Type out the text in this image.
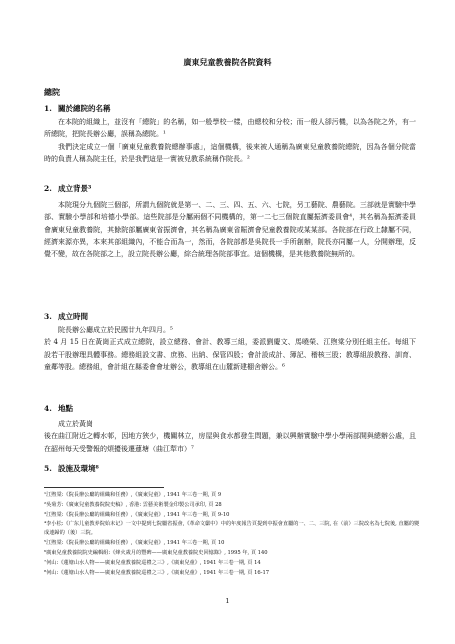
廣東兒童教養院各院資料
總院
1. 關於總院的名稱

在本院的組織上，並沒有「總院」的名稱，如一般學校一樣，由總校和分校；而一般人卻污機，以為各院之外，有一所總院，把院長辦公廳，誤稱為總院。¹

我們決定成立一個「廣東兒童教養院總辦事處」，這個機構，後來被人通稱為廣東兒童教養院總院，因為各個分院當時的負責人稱為院主任，於是我們這是一實被兒教系統稱作院長。²

2. 成立背景³

本院現分九個院三個部，所謂九個院就是第一、二、三、四、五、六、七院，另工藝院、農藝院。三部就是實驗中學部、實驗小學部和培德小學部。這些院部是分屬兩個不同機構的，第一二七三個院直屬振濟委員會⁴，其名稱為振濟委員會廣東兒童教養院，其餘院部屬廣東省振濟會，其名稱為廣東省賑濟會兒童教養院或某某部。各院部在行政上隸屬不同，經濟來源亦異，本來其部組織內，不能合而為一，然而，各院部都是吳院長一手所創辦，院長亦同屬一人，分開辦理，反覺不變，故在各院部之上，設立院長辦公廳，綜合統理各院部事宜。這個機構，是其他教養院無所的。

3. 成立時間

院長辦公廳成立於民國廿九年四月。⁵

於 4 月 15 日在黃崗正式成立總院，設立總務、會計、教導三組，委派劉慶文、馬曉榮、江煦棠分別任組主任。每組下設若干股辦理具體事務。總務組設文書、庶務、出納、保管四股；會計設成計、簿記、稽核三股；教導組設教務、訓育、童鄰等股。總務組，會計組在縣委會會址辦公，教導組在山麓新建棚舍辦公。⁶

4. 地點

成立於黃崗

後在曲江附近之轉水邨，因地方狹少，機關林立，房屋與食水都發生問題，兼以興辦實驗中學小學兩部開與總辦公處，且在韶州每天受警報的煩擾後遷蓮塘（曲江犁市）⁷

5. 設施及環境⁸
¹江煦棠:《院長辦公廳的組織和任務》,《廣東兒童》, 1941 年三卷一期, 頁 9
²吳菊芳:《廣東兒童教養院院史稿》, 香港: 雲藝美術製金印製公司承印, 頁 28
³江煦棠:《院長辦公廳的組織和任務》,《廣東兒童》, 1941 年三卷一期, 頁 9-10
⁴李小松:《广东儿童教养院始末记》一文中提到七院屬省振會,《革命文獻中》中的年度報告頁提到中振會直屬的一、二、三院, 在（前）三院改名為七院後, 直屬的變成連歸的（後）三院。
⁵江煦棠:《院長辦公廳的組織和任務》,《廣東兒童》, 1941 年三卷一期, 頁 10
⁶廣東兒童教養院院史編輯組:《烽火歲月的豐碑——廣東兒童教養院史回憶錄》, 1995 年, 頁 140
⁷何山:《蓮塘山水人物——廣東兒童教養院巡禮之三》,《廣東兒童》, 1941 年三卷一期, 頁 14
⁸何山:《蓮塘山水人物——廣東兒童教養院巡禮之三》,《廣東兒童》, 1941 年三卷一期, 頁 16-17
1
